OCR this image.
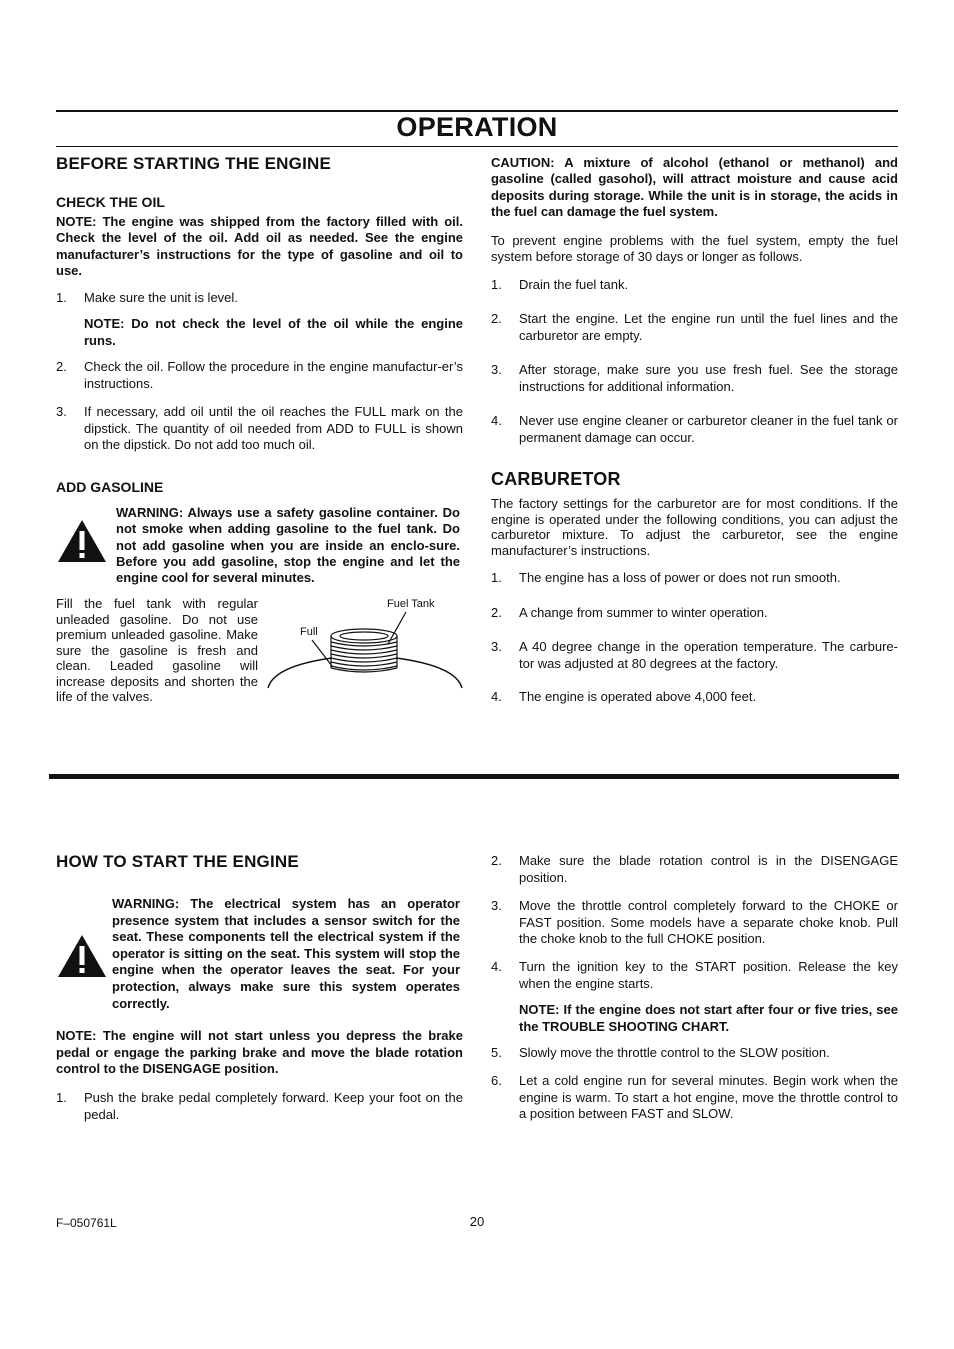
OPERATION
BEFORE STARTING THE ENGINE
CHECK THE OIL
NOTE: The engine was shipped from the factory filled with oil. Check the level of the oil. Add oil as needed. See the engine manufacturer’s instructions for the type of gasoline and oil to use.
1. Make sure the unit is level.
NOTE: Do not check the level of the oil while the engine runs.
2. Check the oil. Follow the procedure in the engine manufactur-er’s instructions.
3. If necessary, add oil until the oil reaches the FULL mark on the dipstick. The quantity of oil needed from ADD to FULL is shown on the dipstick. Do not add too much oil.
ADD GASOLINE
WARNING: Always use a safety gasoline container. Do not smoke when adding gasoline to the fuel tank. Do not add gasoline when you are inside an enclo-sure. Before you add gasoline, stop the engine and let the engine cool for several minutes.
Fill the fuel tank with regular unleaded gasoline. Do not use premium unleaded gasoline. Make sure the gasoline is fresh and clean. Leaded gasoline will increase deposits and shorten the life of the valves.
Fuel Tank
Full
CAUTION: A mixture of alcohol (ethanol or methanol) and gasoline (called gasohol), will attract moisture and cause acid deposits during storage. While the unit is in storage, the acids in the fuel can damage the fuel system.
To prevent engine problems with the fuel system, empty the fuel system before storage of 30 days or longer as follows.
1. Drain the fuel tank.
2. Start the engine. Let the engine run until the fuel lines and the carburetor are empty.
3. After storage, make sure you use fresh fuel. See the storage instructions for additional information.
4. Never use engine cleaner or carburetor cleaner in the fuel tank or permanent damage can occur.
CARBURETOR
The factory settings for the carburetor are for most conditions. If the engine is operated under the following conditions, you can adjust the carburetor mixture. To adjust the carburetor, see the engine manufacturer’s instructions.
1. The engine has a loss of power or does not run smooth.
2. A change from summer to winter operation.
3. A 40 degree change in the operation temperature. The carbure-tor was adjusted at 80 degrees at the factory.
4. The engine is operated above 4,000 feet.
HOW TO START THE ENGINE
WARNING: The electrical system has an operator presence system that includes a sensor switch for the seat. These components tell the electrical system if the operator is sitting on the seat. This system will stop the engine when the operator leaves the seat. For your protection, always make sure this system operates correctly.
NOTE: The engine will not start unless you depress the brake pedal or engage the parking brake and move the blade rotation control to the DISENGAGE position.
1. Push the brake pedal completely forward. Keep your foot on the pedal.
2. Make sure the blade rotation control is in the DISENGAGE position.
3. Move the throttle control completely forward to the CHOKE or FAST position. Some models have a separate choke knob. Pull the choke knob to the full CHOKE position.
4. Turn the ignition key to the START position. Release the key when the engine starts.
NOTE: If the engine does not start after four or five tries, see the TROUBLE SHOOTING CHART.
5. Slowly move the throttle control to the SLOW position.
6. Let a cold engine run for several minutes. Begin work when the engine is warm. To start a hot engine, move the throttle control to a position between FAST and SLOW.
F–050761L	20
